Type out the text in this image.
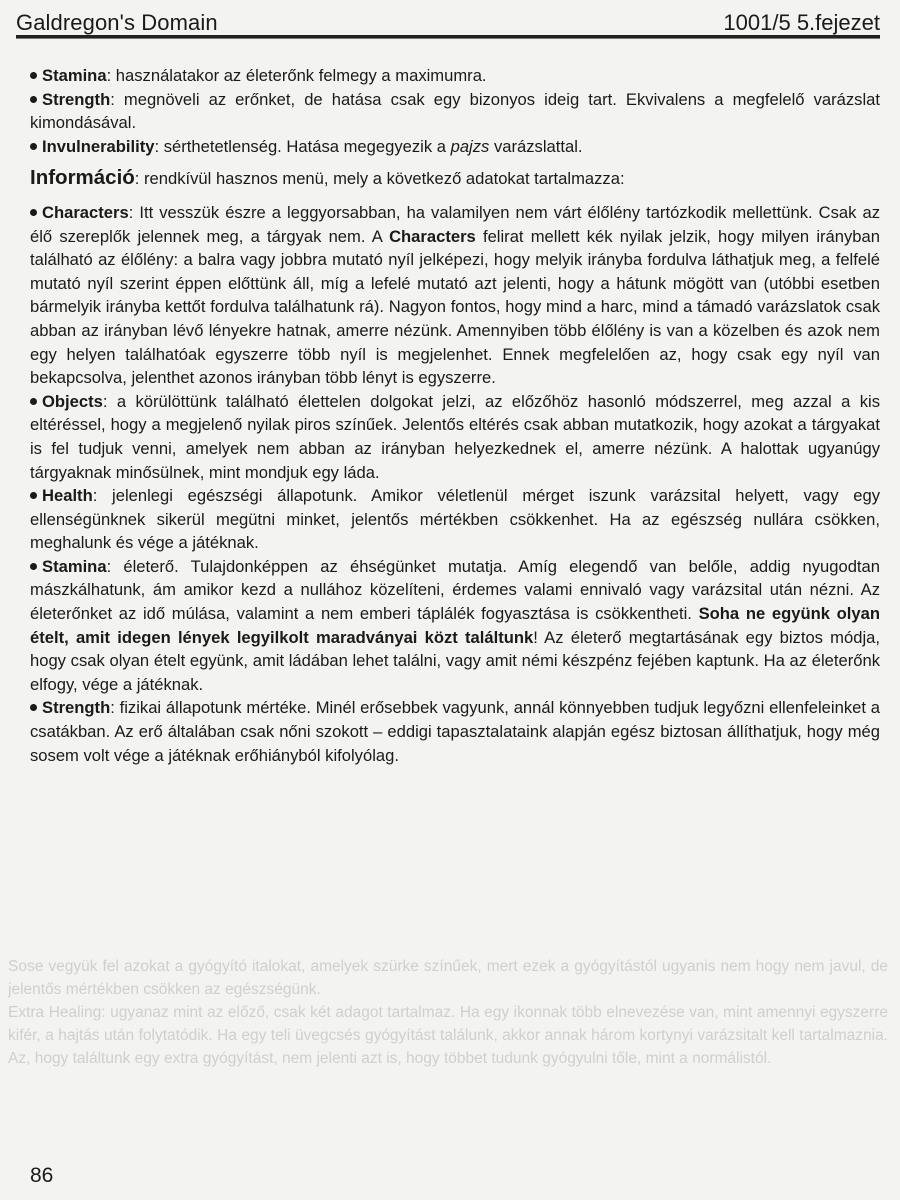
Sose vegyük fel azokat a gyógyító italokat, amelyek szürke színűek, mert ezek a gyógyítástól ugyanis nem hogy nem javul, de jelentős mértékben csökken az egészségünk.

Extra Healing: ugyanaz mint az előző, csak két adagot tartalmaz. Ha egy ikonnak több elnevezése van, mint amennyi egyszerre kifér, a hajtás után folytatódik. Ha egy teli üvegcsés gyógyítást találunk, akkor annak három kortynyi varázsitalt kell tartalmaznia. Az, hogy találtunk egy extra gyógyítást, nem jelenti azt is, hogy többet tudunk gyógyulni tőle, mint a normálistól.

Galdregon's Domain	1001/5 5.fejezet

Stamina: használatakor az életerőnk felmegy a maximumra.

Strength: megnöveli az erőnket, de hatása csak egy bizonyos ideig tart. Ekvivalens a megfelelő varázslat kimondásával.

Invulnerability: sérthetetlenség. Hatása megegyezik a pajzs varázslattal.

Információ: rendkívül hasznos menü, mely a következő adatokat tartalmazza:

Characters: Itt vesszük észre a leggyorsabban, ha valamilyen nem várt élőlény tartózkodik mellettünk. Csak az élő szereplők jelennek meg, a tárgyak nem. A Characters felirat mellett kék nyilak jelzik, hogy milyen irányban található az élőlény: a balra vagy jobbra mutató nyíl jelképezi, hogy melyik irányba fordulva láthatjuk meg, a felfelé mutató nyíl szerint éppen előttünk áll, míg a lefelé mutató azt jelenti, hogy a hátunk mögött van (utóbbi esetben bármelyik irányba kettőt fordulva találhatunk rá). Nagyon fontos, hogy mind a harc, mind a támadó varázslatok csak abban az irányban lévő lényekre hatnak, amerre nézünk. Amennyiben több élőlény is van a közelben és azok nem egy helyen találhatóak egyszerre több nyíl is megjelenhet. Ennek megfelelően az, hogy csak egy nyíl van bekapcsolva, jelenthet azonos irányban több lényt is egyszerre.

Objects: a körülöttünk található élettelen dolgokat jelzi, az előzőhöz hasonló módszerrel, meg azzal a kis eltéréssel, hogy a megjelenő nyilak piros színűek. Jelentős eltérés csak abban mutatkozik, hogy azokat a tárgyakat is fel tudjuk venni, amelyek nem abban az irányban helyezkednek el, amerre nézünk. A halottak ugyanúgy tárgyaknak minősülnek, mint mondjuk egy láda.

Health: jelenlegi egészségi állapotunk. Amikor véletlenül mérget iszunk varázsital helyett, vagy egy ellenségünknek sikerül megütni minket, jelentős mértékben csökkenhet. Ha az egészség nullára csökken, meghalunk és vége a játéknak.

Stamina: életerő. Tulajdonképpen az éhségünket mutatja. Amíg elegendő van belőle, addig nyugodtan mászkálhatunk, ám amikor kezd a nullához közelíteni, érdemes valami ennivaló vagy varázsital után nézni. Az életerőnket az idő múlása, valamint a nem emberi táplálék fogyasztása is csökkentheti. Soha ne együnk olyan ételt, amit idegen lények legyilkolt maradványai közt találtunk! Az életerő megtartásának egy biztos módja, hogy csak olyan ételt együnk, amit ládában lehet találni, vagy amit némi készpénz fejében kaptunk. Ha az életerőnk elfogy, vége a játéknak.

Strength: fizikai állapotunk mértéke. Minél erősebbek vagyunk, annál könnyebben tudjuk legyőzni ellenfeleinket a csatákban. Az erő általában csak nőni szokott – eddigi tapasztalataink alapján egész biztosan állíthatjuk, hogy még sosem volt vége a játéknak erőhiányból kifolyólag.

86
